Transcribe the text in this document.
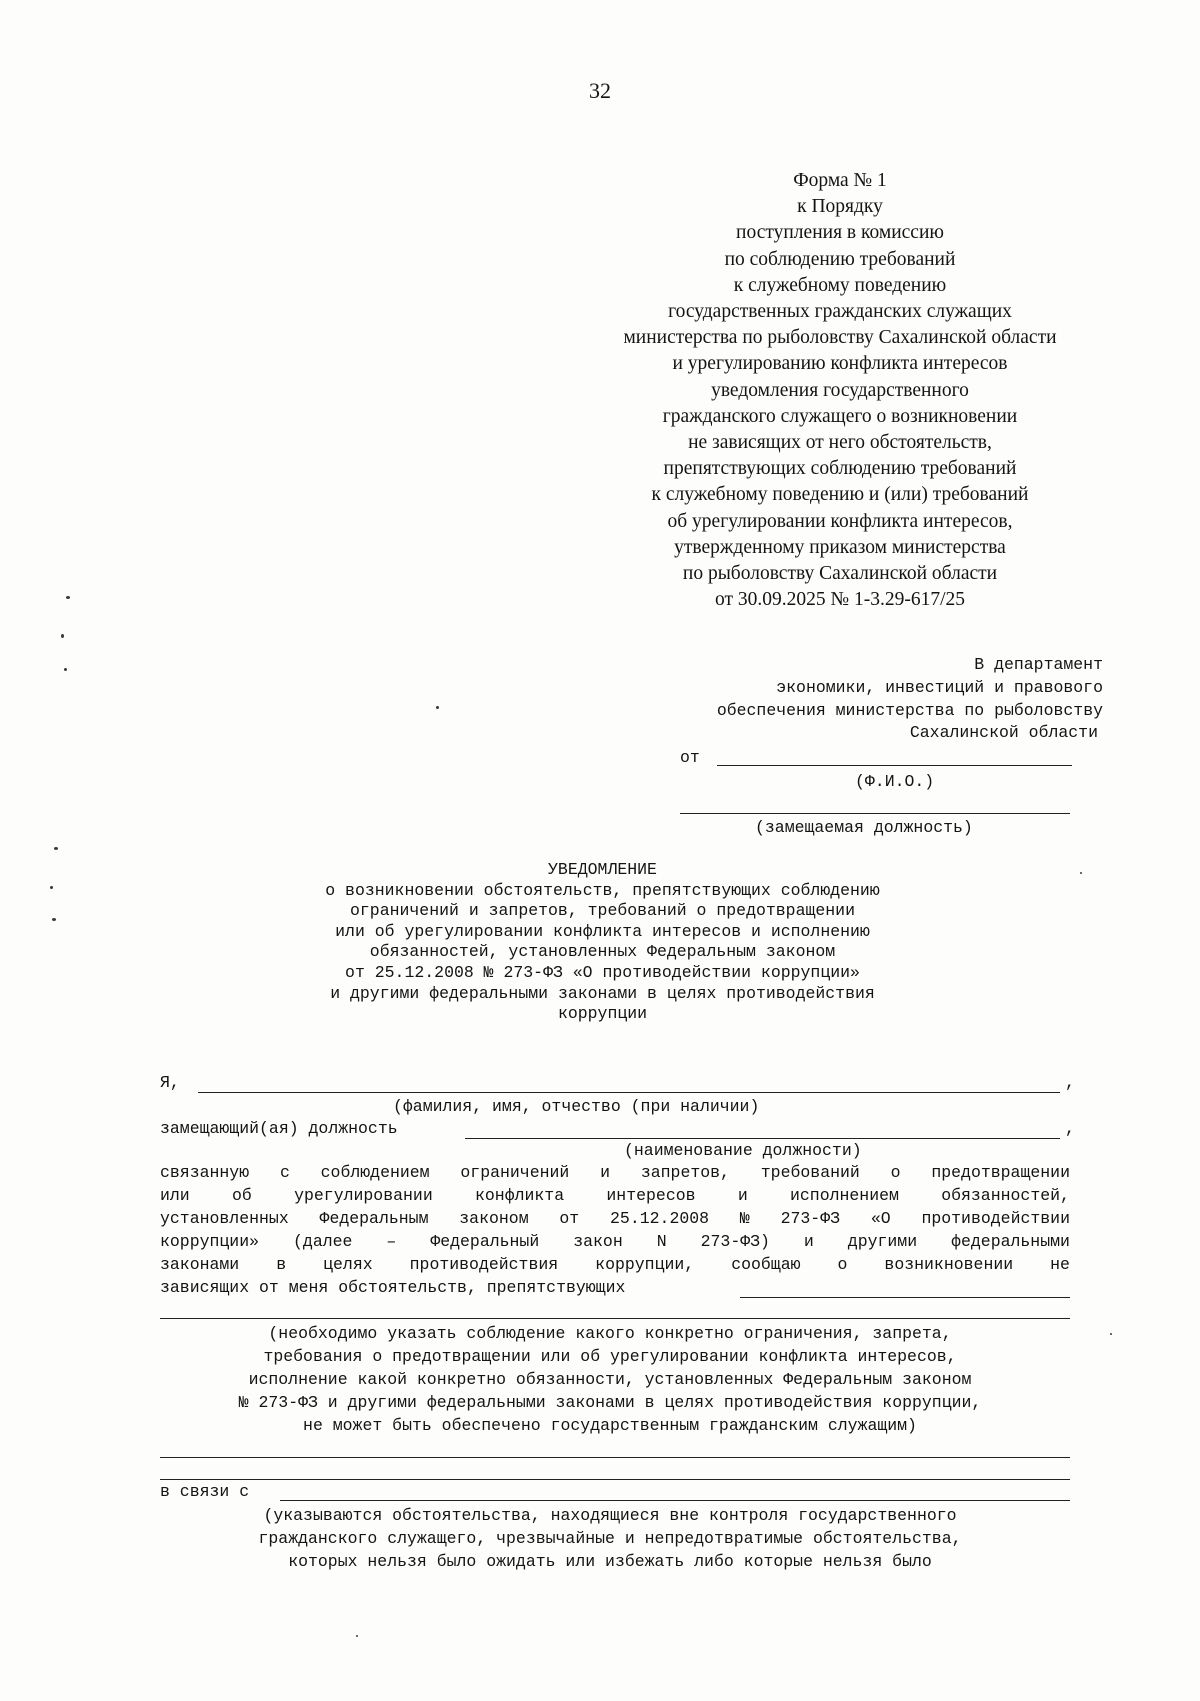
32
Форма № 1
к Порядку
поступления в комиссию
по соблюдению требований
к служебному поведению
государственных гражданских служащих
министерства по рыболовству Сахалинской области
и урегулированию конфликта интересов
уведомления государственного
гражданского служащего о возникновении
не зависящих от него обстоятельств,
препятствующих соблюдению требований
к служебному поведению и (или) требований
об урегулировании конфликта интересов,
утвержденному приказом министерства
по рыболовству Сахалинской области
от 30.09.2025 № 1-3.29-617/25
В департамент
экономики, инвестиций и правового
обеспечения министерства по рыболовству
Сахалинской области
от
(Ф.И.О.)
(замещаемая должность)
УВЕДОМЛЕНИЕ
о возникновении обстоятельств, препятствующих соблюдению
ограничений и запретов, требований о предотвращении
или об урегулировании конфликта интересов и исполнению
обязанностей, установленных Федеральным законом
от 25.12.2008 № 273-ФЗ «О противодействии коррупции»
и другими федеральными законами в целях противодействия
коррупции
Я,	,
(фамилия, имя, отчество (при наличии)
замещающий(ая) должность	,
(наименование должности)
связанную с соблюдением ограничений и запретов, требований о предотвращении
или	об	урегулировании	конфликта	интересов	и	исполнением	обязанностей,
установленных Федеральным законом от 25.12.2008 № 273-ФЗ «О противодействии
коррупции» (далее – Федеральный закон N 273-ФЗ) и другими федеральными
законами в целях противодействия коррупции, сообщаю о возникновении не
зависящих от меня обстоятельств, препятствующих
(необходимо указать соблюдение какого конкретно ограничения, запрета,
требования о предотвращении или об урегулировании конфликта интересов,
исполнение какой конкретно обязанности, установленных Федеральным законом
№ 273-ФЗ и другими федеральными законами в целях противодействия коррупции,
не может быть обеспечено государственным гражданским служащим)
в связи с
(указываются обстоятельства, находящиеся вне контроля государственного
гражданского служащего, чрезвычайные и непредотвратимые обстоятельства,
которых нельзя было ожидать или избежать либо которые нельзя было
